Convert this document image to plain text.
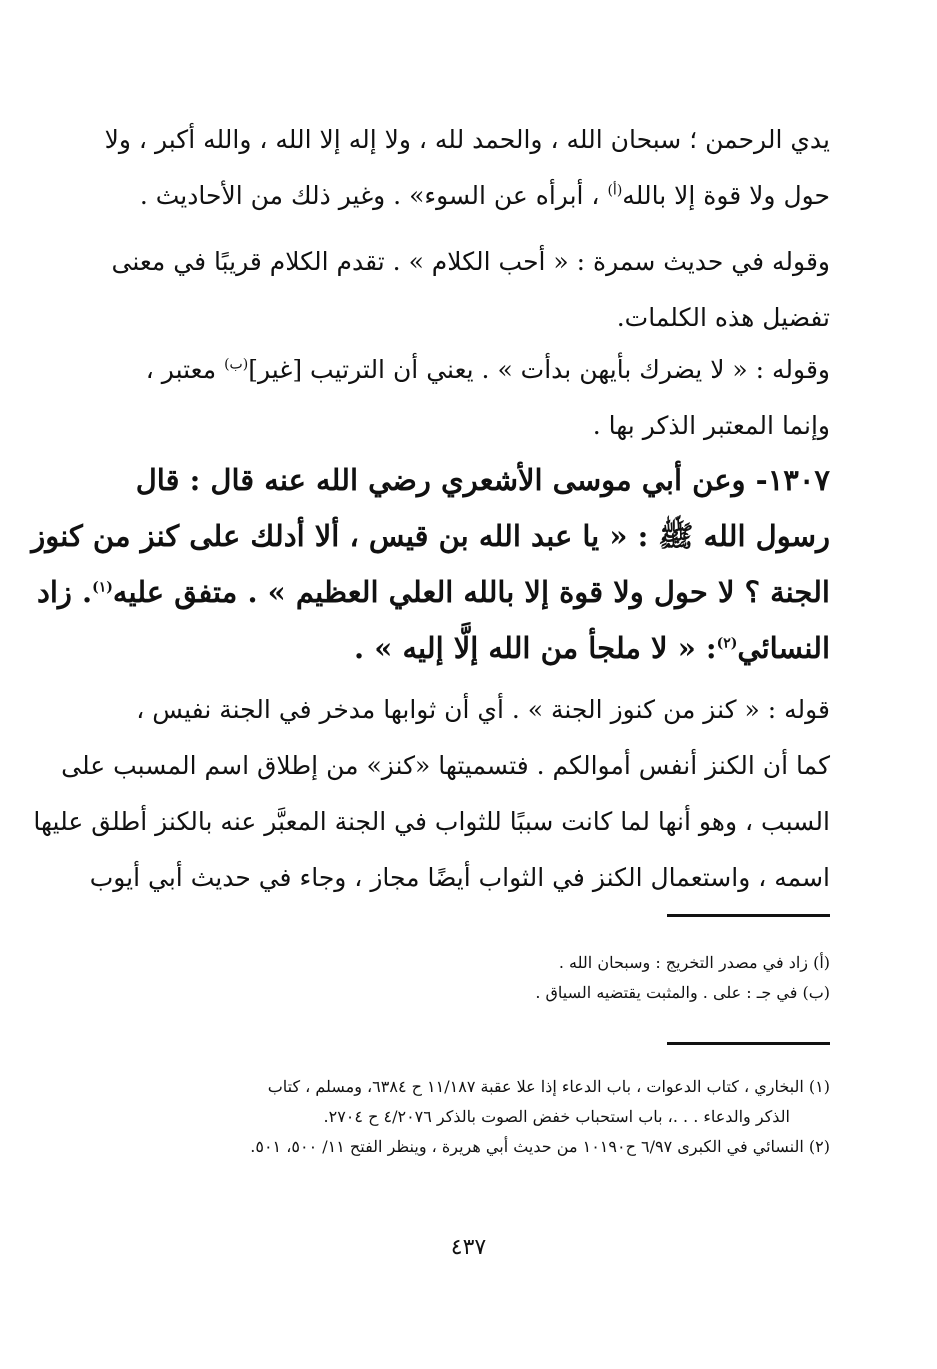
يدي الرحمن ؛ سبحان الله ، والحمد لله ، ولا إله إلا الله ، والله أكبر ، ولا
حول ولا قوة إلا بالله$^{(أ)}$ ، أبرأه عن السوء» . وغير ذلك من الأحاديث .
وقوله في حديث سمرة : « أحب الكلام » . تقدم الكلام قريبًا في معنى
تفضيل هذه الكلمات.
وقوله : « لا يضرك بأيهن بدأت » . يعني أن الترتيب [غير]$^{(ب)}$ معتبر ،
وإنما المعتبر الذكر بها .
١٣٠٧- وعن أبي موسى الأشعري رضي الله عنه قال : قال
رسول الله ﷺ : « يا عبد الله بن قيس ، ألا أدلك على كنز من كنوز
الجنة ؟ لا حول ولا قوة إلا بالله العلي العظيم » . متفق عليه$^{(١)}$. زاد
النسائي$^{(٢)}$: « لا ملجأ من الله إلَّا إليه » .
قوله : « كنز من كنوز الجنة » . أي أن ثوابها مدخر في الجنة نفيس ،
كما أن الكنز أنفس أموالكم . فتسميتها «كنز» من إطلاق اسم المسبب على
السبب ، وهو أنها لما كانت سببًا للثواب في الجنة المعبَّر عنه بالكنز أطلق عليها
اسمه ، واستعمال الكنز في الثواب أيضًا مجاز ، وجاء في حديث أبي أيوب
(أ) زاد في مصدر التخريج : وسبحان الله .
(ب) في جـ : على . والمثبت يقتضيه السياق .
(١) البخاري ، كتاب الدعوات ، باب الدعاء إذا علا عقبة ١١/١٨٧ ح ٦٣٨٤، ومسلم ، كتاب
الذكر والدعاء . . .، باب استحباب خفض الصوت بالذكر ٤/٢٠٧٦ ح ٢٧٠٤.
(٢) النسائي في الكبرى ٦/٩٧ ح١٠١٩٠ من حديث أبي هريرة ، وينظر الفتح ١١/ ٥٠٠، ٥٠١.
٤٣٧
